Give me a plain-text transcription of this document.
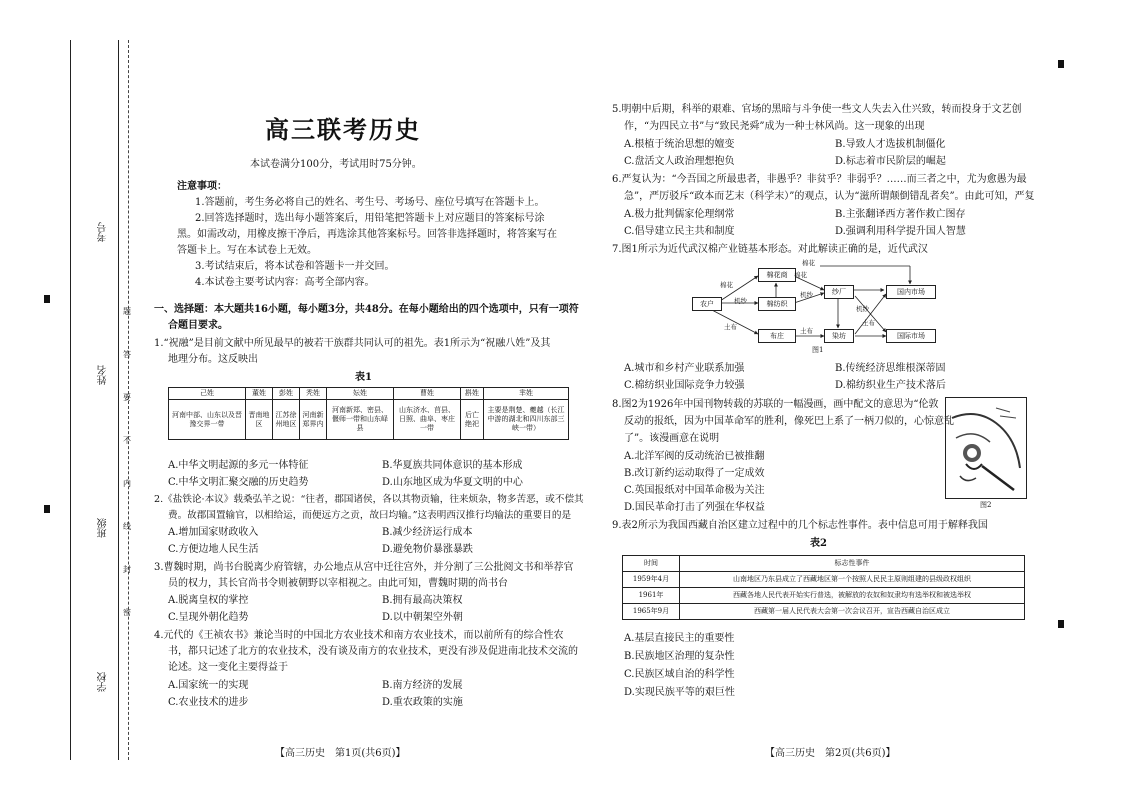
考号
姓名
班级
学校
题
答
要
不
内
线
封
密
高三联考历史
本试卷满分100分，考试用时75分钟。
注意事项：
1.答题前，考生务必将自己的姓名、考生号、考场号、座位号填写在答题卡上。
2.回答选择题时，选出每小题答案后，用铅笔把答题卡上对应题目的答案标号涂
黑。如需改动，用橡皮擦干净后，再选涂其他答案标号。回答非选择题时，将答案写在
答题卡上。写在本试卷上无效。
3.考试结束后，将本试卷和答题卡一并交回。
4.本试卷主要考试内容：高考全部内容。
一、选择题：本大题共16小题，每小题3分，共48分。在每小题给出的四个选项中，只有一项符
合题目要求。
1.“祝融”是目前文献中所见最早的被若干族群共同认可的祖先。表1所示为“祝融八姓”及其
地理分布。这反映出
表1
己姓	董姓	彭姓	秃姓	妘姓	曹姓	斟姓	芈姓
河南中部、山东以及晋豫交界一带	晋南地区	江苏徐州地区	河南新郑界内	河南新郑、密县、偃师一带和山东峄县	山东济水、莒县、日照、曲阜、枣庄一带	后亡绝祀	主要是荆楚、夔越（长江中游的湖北和四川东部三峡一带）
A.中华文明起源的多元一体特征	B.华夏族共同体意识的基本形成
C.中华文明汇聚交融的历史趋势	D.山东地区成为华夏文明的中心
2.《盐铁论·本议》载桑弘羊之说：“往者，郡国诸侯，各以其物贡输，往来烦杂，物多苦恶，或不偿其
费。故郡国置输官，以相给运，而便远方之贡，故曰均输。”这表明西汉推行均输法的重要目的是
A.增加国家财政收入	B.减少经济运行成本
C.方便边地人民生活	D.避免物价暴涨暴跌
3.曹魏时期，尚书台脱离少府管辖，办公地点从宫中迁往宫外，并分割了三公批阅文书和举荐官
员的权力，其长官尚书令则被朝野以宰相视之。由此可知，曹魏时期的尚书台
A.脱离皇权的掌控	B.拥有最高决策权
C.呈现外朝化趋势	D.以中朝架空外朝
4.元代的《王祯农书》兼论当时的中国北方农业技术和南方农业技术，而以前所有的综合性农
书，都只记述了北方的农业技术，没有谈及南方的农业技术，更没有涉及促进南北技术交流的
论述。这一变化主要得益于
A.国家统一的实现	B.南方经济的发展
C.农业技术的进步	D.重农政策的实施
【高三历史　第1页(共6页)】
5.明朝中后期，科举的艰难、官场的黑暗与斗争使一些文人失去入仕兴致，转而投身于文艺创
作，“为四民立书”与“致民尧舜”成为一种士林风尚。这一现象的出现
A.根植于统治思想的嬗变	B.导致人才选拔机制僵化
C.盘活文人政治理想抱负	D.标志着市民阶层的崛起
6.严复认为：“今吾国之所最患者，非愚乎？非贫乎？非弱乎？……而三者之中，尤为愈愚为最
急”，严厉驳斥“政本而艺末（科学末）”的观点，认为“滋所谓颠倒错乱者矣”。由此可知，严复
A.极力批判儒家伦理纲常	B.主张翻译西方著作救亡图存
C.倡导建立民主共和制度	D.强调利用科学提升国人智慧
7.图1所示为近代武汉棉产业链基本形态。对此解读正确的是，近代武汉
农户
棉花商
棉纺织
纱厂	国内市场
布庄	染坊	国际市场
棉花
棉花
棉花
机纱
机纱
机纱
土布	土布
土布
图1
A.城市和乡村产业联系加强	B.传统经济思维根深蒂固
C.棉纺织业国际竞争力较强	D.棉纺织业生产技术落后
8.图2为1926年中国刊物转载的苏联的一幅漫画，画中配文的意思为“伦敦
反动的报纸，因为中国革命军的胜利，像死巴上系了一柄刀似的，心惊意乱
了”。该漫画意在说明
A.北洋军阀的反动统治已被推翻
B.改订新约运动取得了一定成效
C.英国报纸对中国革命极为关注
D.国民革命打击了列强在华权益	图2
9.表2所示为我国西藏自治区建立过程中的几个标志性事件。表中信息可用于解释我国
表2
时间	标志性事件
1959年4月	山南地区乃东县成立了西藏地区第一个按照人民民主原则组建的县级政权组织
1961年	西藏各地人民代表开始实行普选，被解放的农奴和奴隶均有选举权和被选举权
1965年9月	西藏第一届人民代表大会第一次会议召开，宣告西藏自治区成立
A.基层直接民主的重要性
B.民族地区治理的复杂性
C.民族区域自治的科学性
D.实现民族平等的艰巨性
【高三历史　第2页(共6页)】
